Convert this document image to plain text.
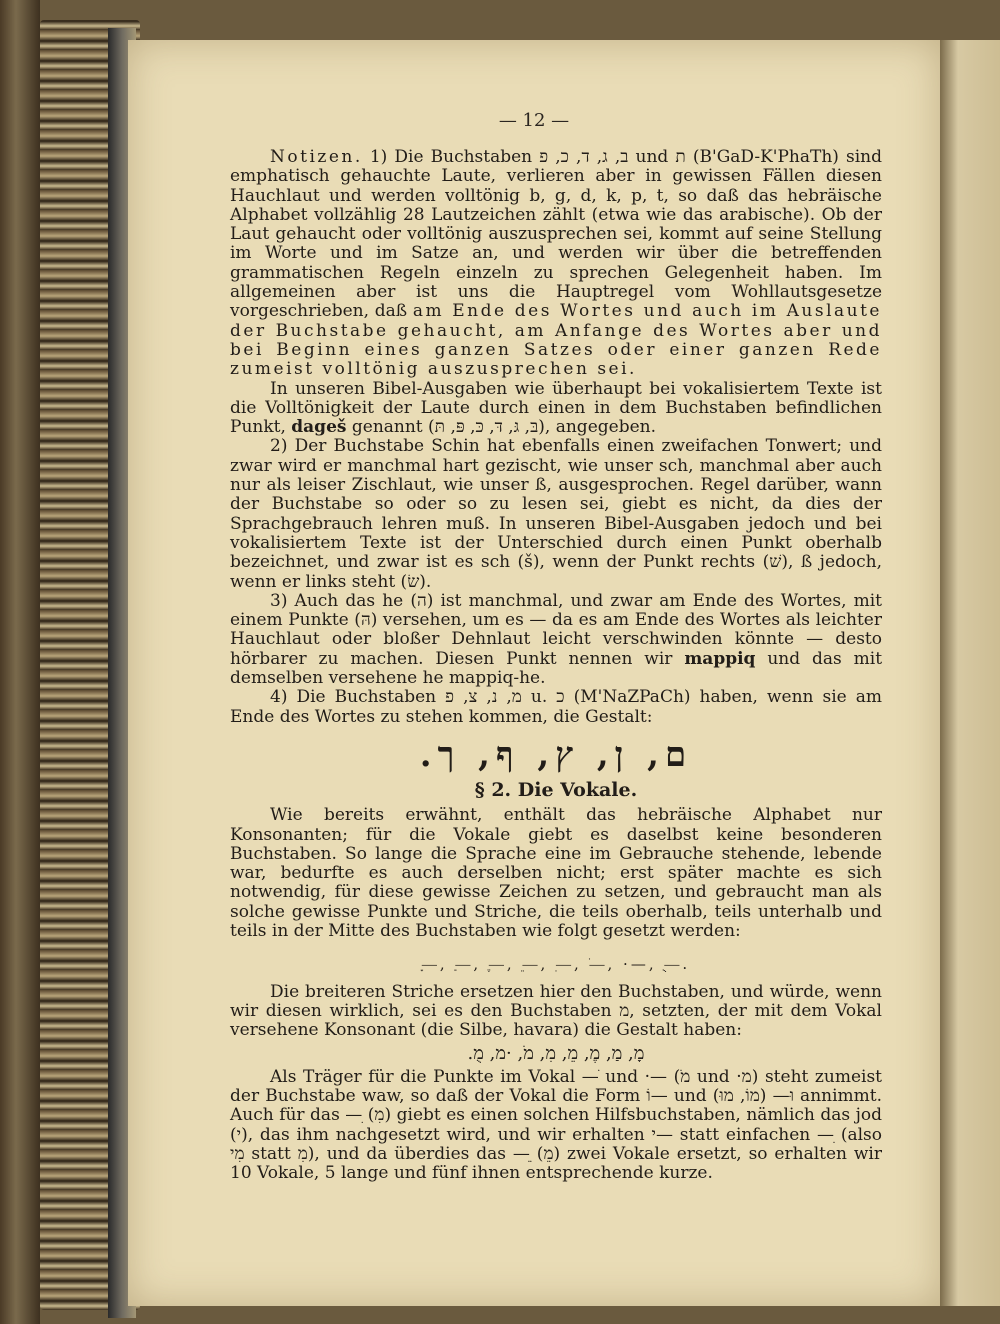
— 12 —

Notizen. 1) Die Buchstaben ב, ג, ד, כ, פ und ת (B'GaD-K'PhaTh) sind emphatisch gehauchte Laute, verlieren aber in gewissen Fällen diesen Hauchlaut und werden volltönig b, g, d, k, p, t, so daß das hebräische Alphabet vollzählig 28 Lautzeichen zählt (etwa wie das arabische). Ob der Laut gehaucht oder volltönig auszusprechen sei, kommt auf seine Stellung im Worte und im Satze an, und werden wir über die betreffenden grammatischen Regeln einzeln zu sprechen Gelegenheit haben. Im allgemeinen aber ist uns die Hauptregel vom Wohllautsgesetze vorgeschrieben, daß am Ende des Wortes und auch im Auslaute der Buchstabe gehaucht, am Anfange des Wortes aber und bei Beginn eines ganzen Satzes oder einer ganzen Rede zumeist volltönig auszusprechen sei.

In unseren Bibel-Ausgaben wie überhaupt bei vokalisiertem Texte ist die Volltönigkeit der Laute durch einen in dem Buchstaben befindlichen Punkt, dageš genannt (בּ, גּ, דּ, כּ, פּ, תּ), angegeben.

2) Der Buchstabe Schin hat ebenfalls einen zweifachen Tonwert; und zwar wird er manchmal hart gezischt, wie unser sch, manchmal aber auch nur als leiser Zischlaut, wie unser ß, ausgesprochen. Regel darüber, wann der Buchstabe so oder so zu lesen sei, giebt es nicht, da dies der Sprachgebrauch lehren muß. In unseren Bibel-Ausgaben jedoch und bei vokalisiertem Texte ist der Unterschied durch einen Punkt oberhalb bezeichnet, und zwar ist es sch (š), wenn der Punkt rechts (שׁ), ß jedoch, wenn er links steht (שׂ).

3) Auch das he (ה) ist manchmal, und zwar am Ende des Wortes, mit einem Punkte (הּ) versehen, um es — da es am Ende des Wortes als leichter Hauchlaut oder bloßer Dehnlaut leicht verschwinden könnte — desto hörbarer zu machen. Diesen Punkt nennen wir mappiq und das mit demselben versehene he mappiq-he.

4) Die Buchstaben מ, נ, צ, פ u. כ (M'NaZPaCh) haben, wenn sie am Ende des Wortes zu stehen kommen, die Gestalt:

ם, ן, ץ, ף, ך.
§ 2. Die Vokale.

Wie bereits erwähnt, enthält das hebräische Alphabet nur Konsonanten; für die Vokale giebt es daselbst keine besonderen Buchstaben. So lange die Sprache eine im Gebrauche stehende, lebende war, bedurfte es auch derselben nicht; erst später machte es sich notwendig, für diese gewisse Zeichen zu setzen, und gebraucht man als solche gewisse Punkte und Striche, die teils oberhalb, teils unterhalb und teils in der Mitte des Buchstaben wie folgt gesetzt werden:

—ָ, —ַ, —ֶ, —ֵ, —ִ, —ֹ, ·—, —ֻ.

Die breiteren Striche ersetzen hier den Buchstaben, und würde, wenn wir diesen wirklich, sei es den Buchstaben מ, setzten, der mit dem Vokal versehene Konsonant (die Silbe, havara) die Gestalt haben:

מָ, מַ, מֶ, מֵ, מִ, מֹ, ·מ, מֻ.

Als Träger für die Punkte im Vokal —ֹ und ·— (מֹ und ·מ) steht zumeist der Buchstabe waw, so daß der Vokal die Form וֹ— und וּ— (מוֹ, מוּ) annimmt. Auch für das —ִ (מִ) giebt es einen solchen Hilfsbuchstaben, nämlich das jod (י), das ihm nachgesetzt wird, und wir erhalten י— statt einfachen —ִ (also מִי statt מִ), und da überdies das —ֵ (מֵ) zwei Vokale ersetzt, so erhalten wir 10 Vokale, 5 lange und fünf ihnen entsprechende kurze.
